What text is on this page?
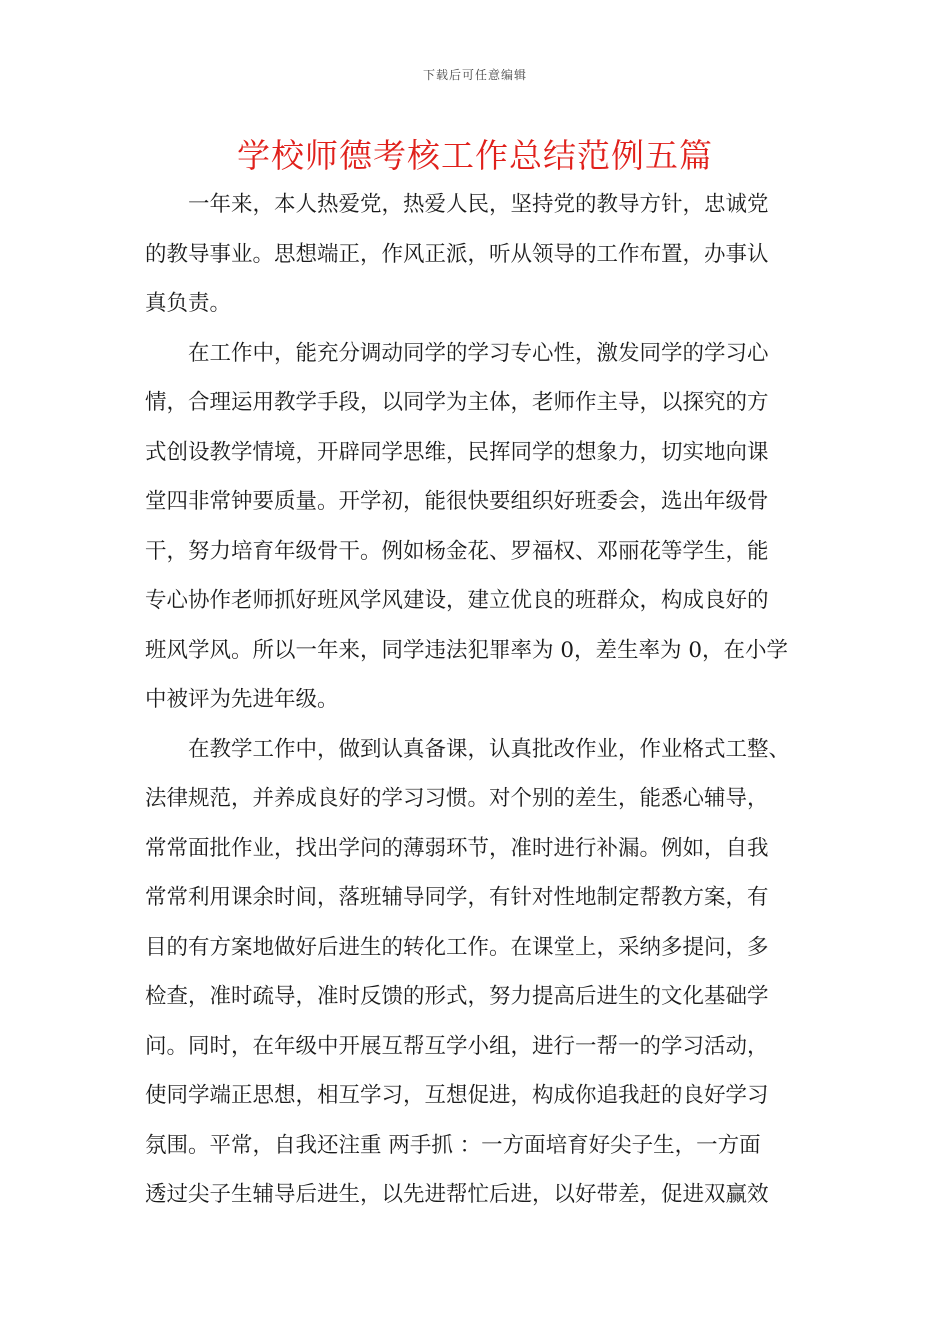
下载后可任意编辑
学校师德考核工作总结范例五篇
一年来，本人热爱党，热爱人民，坚持党的教导方针，忠诚党
的教导事业。思想端正，作风正派，听从领导的工作布置，办事认
真负责。
在工作中，能充分调动同学的学习专心性，激发同学的学习心
情，合理运用教学手段，以同学为主体，老师作主导，以探究的方
式创设教学情境，开辟同学思维，民挥同学的想象力，切实地向课
堂四非常钟要质量。开学初，能很快要组织好班委会，选出年级骨
干，努力培育年级骨干。例如杨金花、罗福权、邓丽花等学生，能
专心协作老师抓好班风学风建设，建立优良的班群众，构成良好的
班风学风。所以一年来，同学违法犯罪率为 0，差生率为 0，在小学
中被评为先进年级。
在教学工作中，做到认真备课，认真批改作业，作业格式工整、
法律规范，并养成良好的学习习惯。对个别的差生，能悉心辅导，
常常面批作业，找出学问的薄弱环节，准时进行补漏。例如，自我
常常利用课余时间，落班辅导同学，有针对性地制定帮教方案，有
目的有方案地做好后进生的转化工作。在课堂上，采纳多提问，多
检查，准时疏导，准时反馈的形式，努力提高后进生的文化基础学
问。同时，在年级中开展互帮互学小组，进行一帮一的学习活动，
使同学端正思想，相互学习，互想促进，构成你追我赶的良好学习
氛围。平常，自我还注重 两手抓 ：一方面培育好尖子生，一方面
透过尖子生辅导后进生，以先进帮忙后进，以好带差，促进双赢效
